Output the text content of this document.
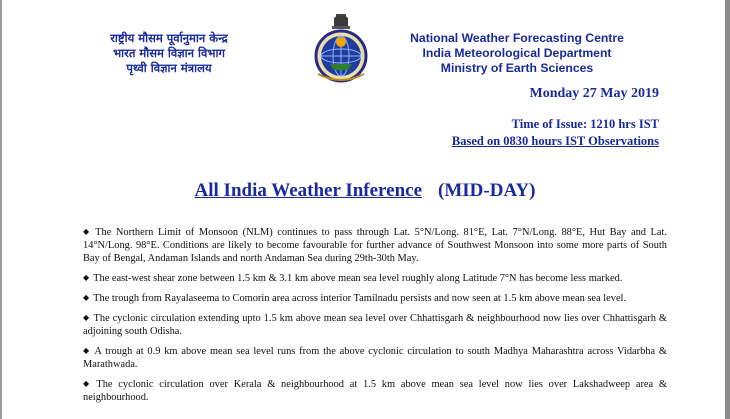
राष्ट्रीय मौसम पूर्वानुमान केन्द्र
भारत मौसम विज्ञान विभाग
पृथ्वी विज्ञान मंत्रालय
National Weather Forecasting Centre
India Meteorological Department
Ministry of Earth Sciences
Monday 27 May 2019
Time of Issue: 1210 hrs IST
Based on 0830 hours IST Observations
All India Weather Inference (MID-DAY)
◆ The Northern Limit of Monsoon (NLM) continues to pass through Lat. 5°N/Long. 81°E, Lat. 7°N/Long. 88°E, Hut Bay and Lat. 14°N/Long. 98°E. Conditions are likely to become favourable for further advance of Southwest Monsoon into some more parts of South Bay of Bengal, Andaman Islands and north Andaman Sea during 29th-30th May.
◆ The east-west shear zone between 1.5 km & 3.1 km above mean sea level roughly along Latitude 7°N has become less marked.
◆ The trough from Rayalaseema to Comorin area across interior Tamilnadu persists and now seen at 1.5 km above mean sea level.
◆ The cyclonic circulation extending upto 1.5 km above mean sea level over Chhattisgarh & neighbourhood now lies over Chhattisgarh & adjoining south Odisha.
◆ A trough at 0.9 km above mean sea level runs from the above cyclonic circulation to south Madhya Maharashtra across Vidarbha & Marathwada.
◆ The cyclonic circulation over Kerala & neighbourhood at 1.5 km above mean sea level now lies over Lakshadweep area & neighbourhood.
